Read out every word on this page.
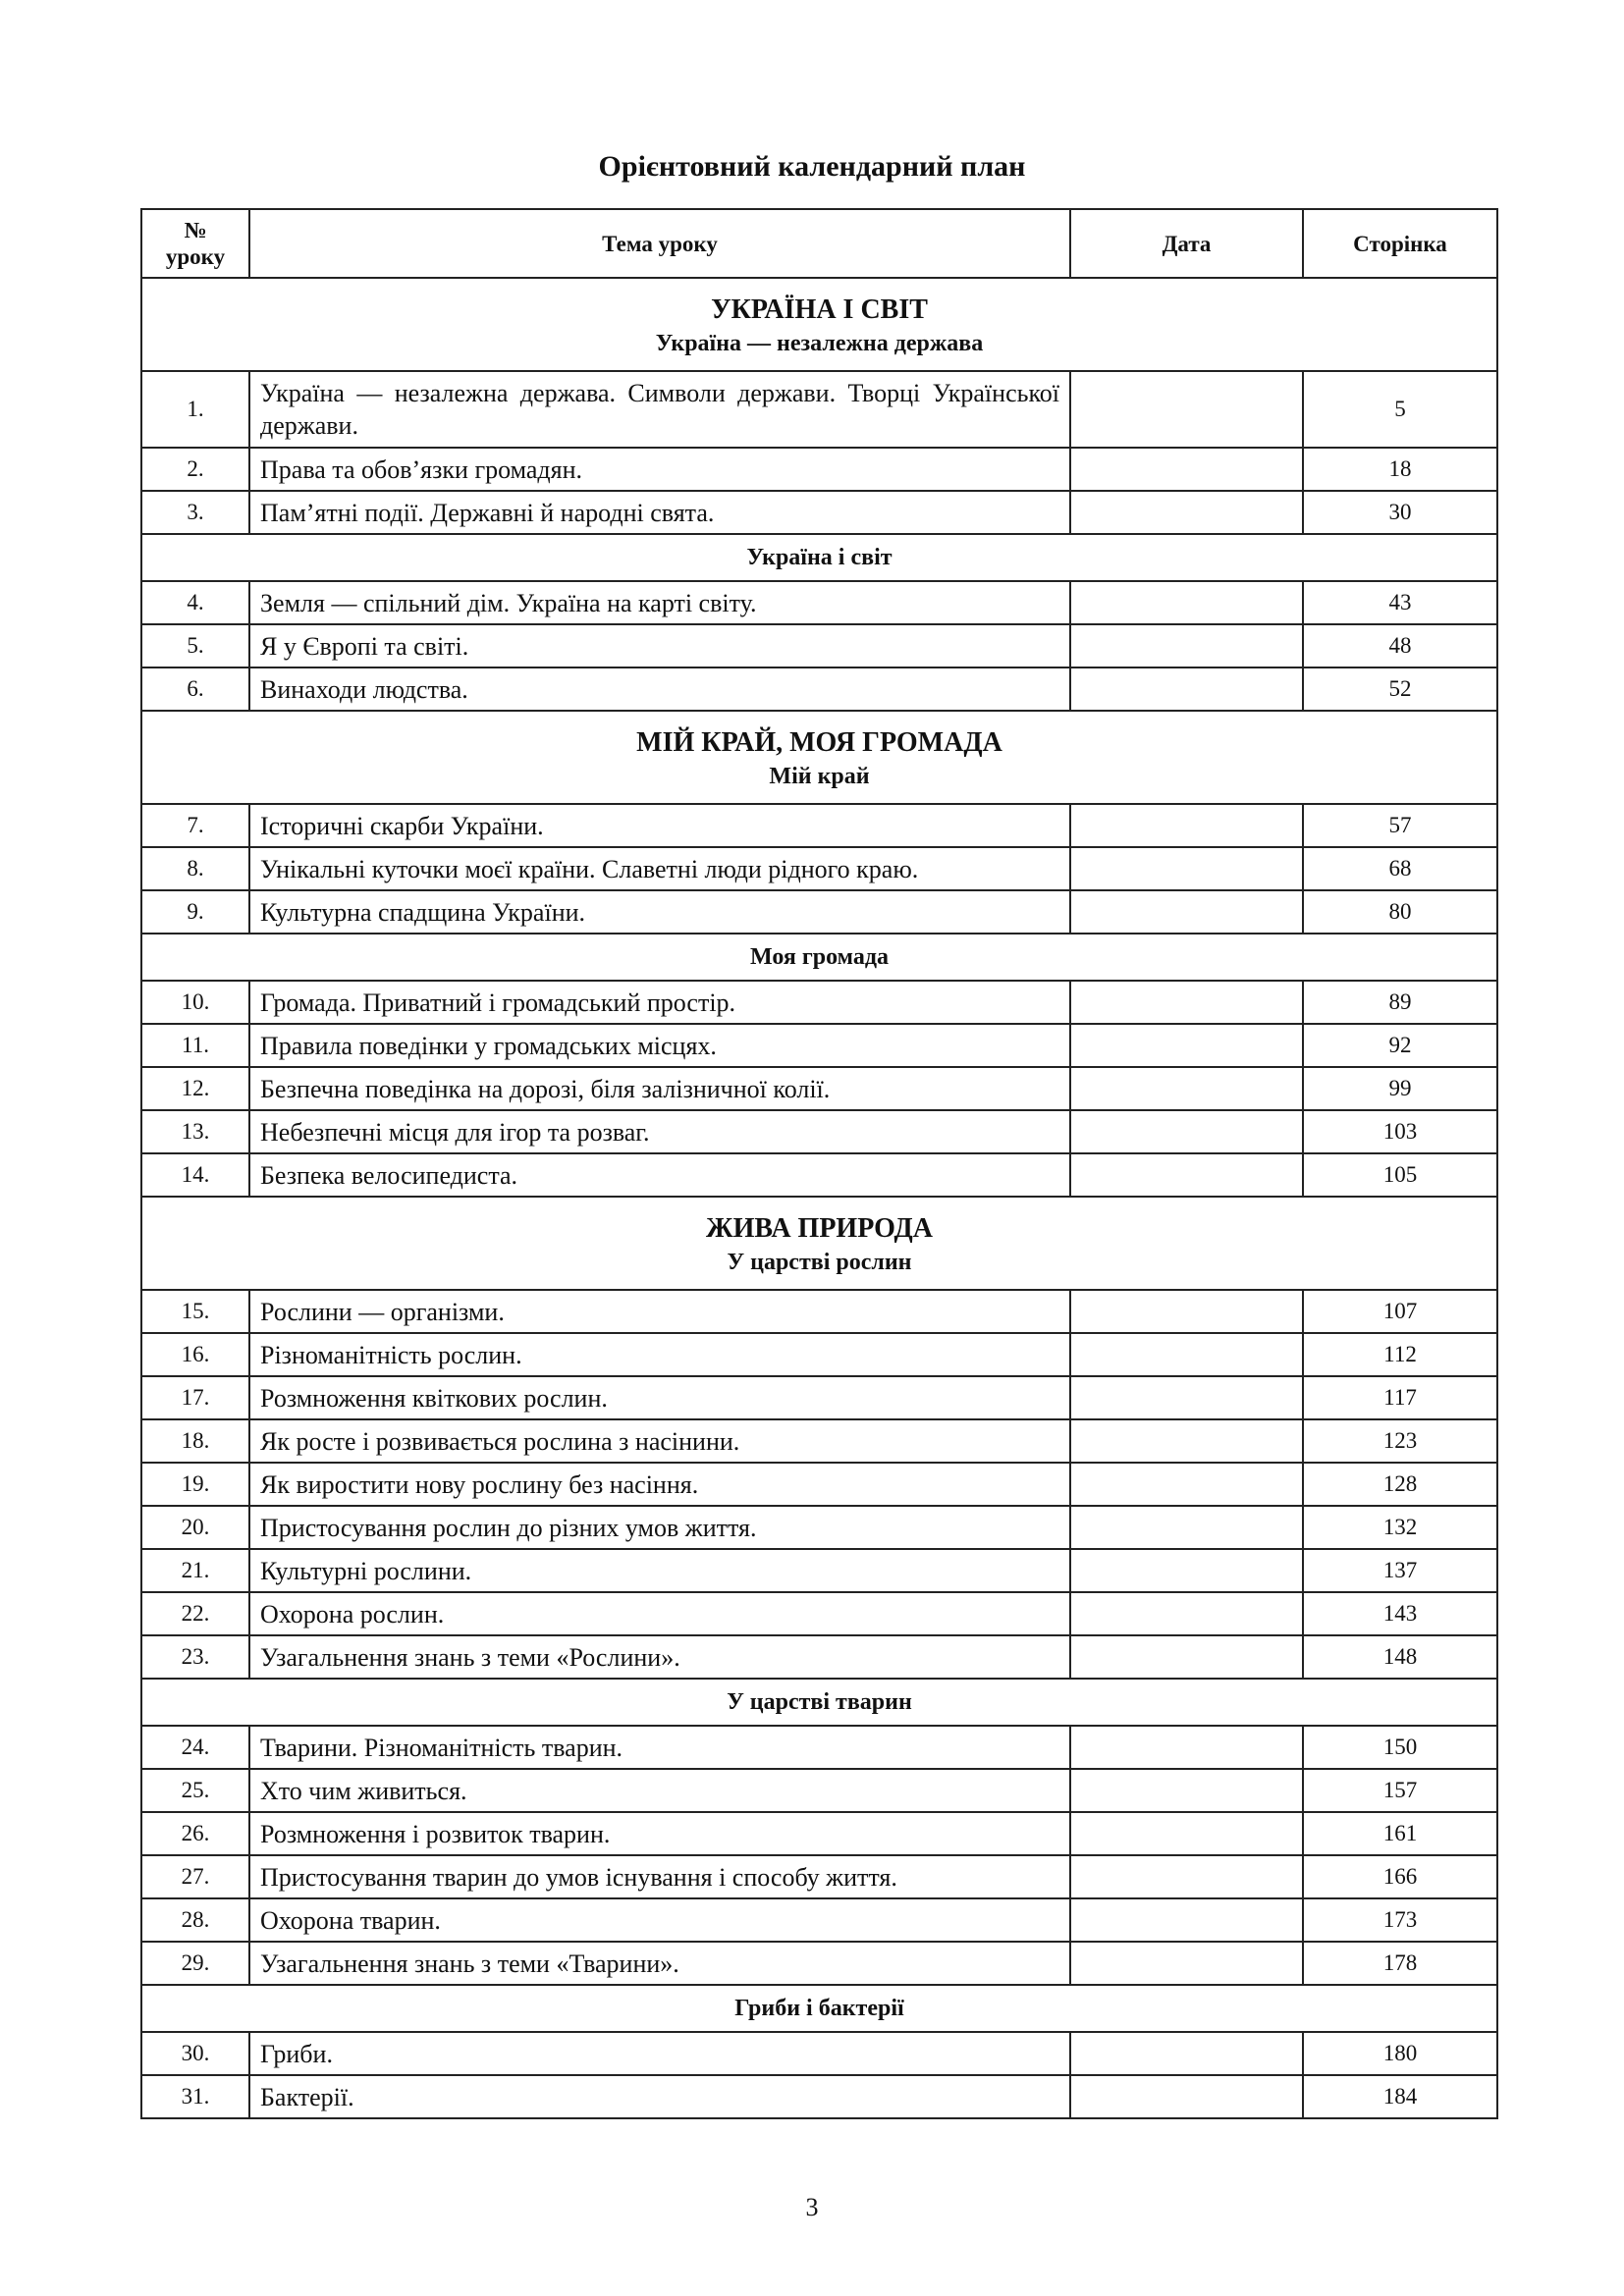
Орієнтовний календарний план
№
уроку	Тема уроку	Дата	Сторінка

УКРАЇНА І СВІТ
Україна — незалежна держава			

1.	Україна — незалежна держава. Символи держави. Творці Української держави.		5
2.	Права та обов’язки громадян.		18
3.	Пам’ятні події. Державні й народні свята.		30

Україна і світ			

4.	Земля — спільний дім. Україна на карті світу.		43
5.	Я у Європі та світі.		48
6.	Винаходи людства.		52

МІЙ КРАЙ, МОЯ ГРОМАДА
Мій край			

7.	Історичні скарби України.		57
8.	Унікальні куточки моєї країни. Славетні люди рідного краю.		68
9.	Культурна спадщина України.		80

Моя громада			

10.	Громада. Приватний і громадський простір.		89
11.	Правила поведінки у громадських місцях.		92
12.	Безпечна поведінка на дорозі, біля залізничної колії.		99
13.	Небезпечні місця для ігор та розваг.		103
14.	Безпека велосипедиста.		105

ЖИВА ПРИРОДА
У царстві рослин			

15.	Рослини — організми.		107
16.	Різноманітність рослин.		112
17.	Розмноження квіткових рослин.		117
18.	Як росте і розвивається рослина з насінини.		123
19.	Як виростити нову рослину без насіння.		128
20.	Пристосування рослин до різних умов життя.		132
21.	Культурні рослини.		137
22.	Охорона рослин.		143
23.	Узагальнення знань з теми «Рослини».		148

У царстві тварин			

24.	Тварини. Різноманітність тварин.		150
25.	Хто чим живиться.		157
26.	Розмноження і розвиток тварин.		161
27.	Пристосування тварин до умов існування і способу життя.		166
28.	Охорона тварин.		173
29.	Узагальнення знань з теми «Тварини».		178

Гриби і бактерії			

30.	Гриби.		180
31.	Бактерії.		184
3
